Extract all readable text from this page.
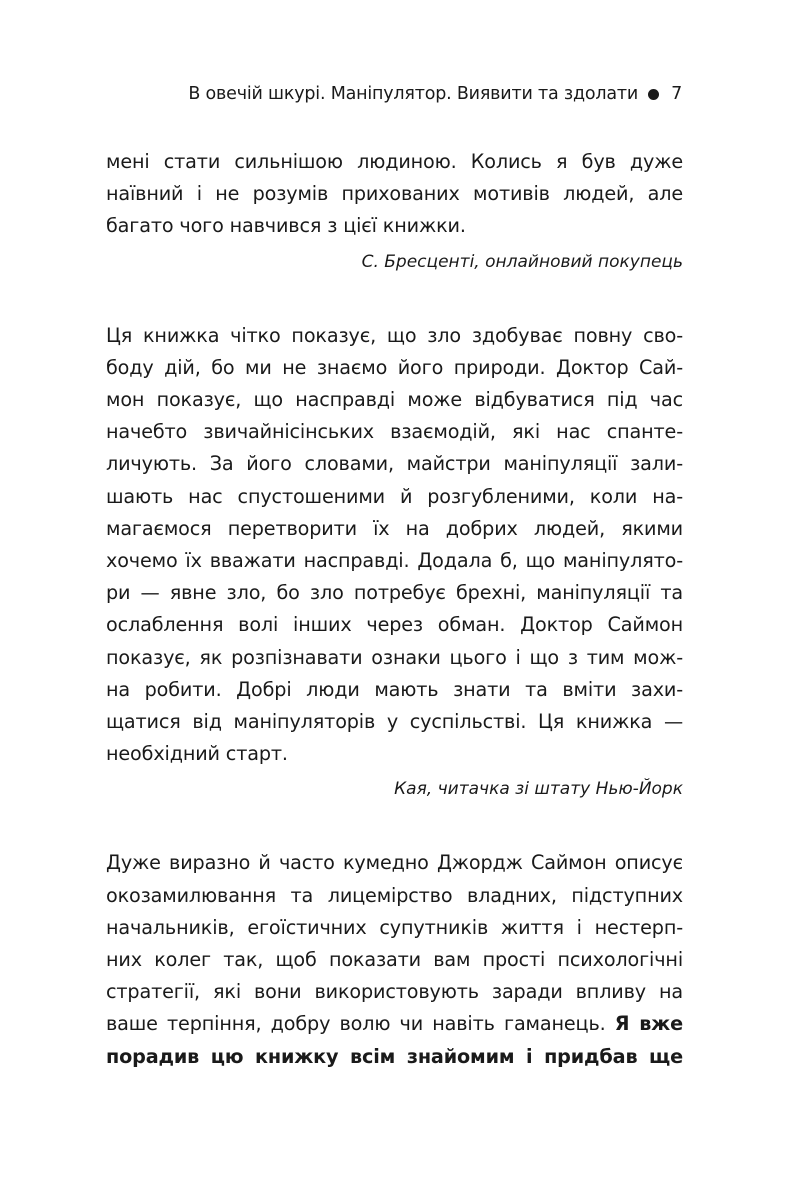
В овечій шкурі. Маніпулятор. Виявити та здолати 7
мені стати сильнішою людиною. Колись я був дуже
наївний і не розумів прихованих мотивів людей, але
багато чого навчився з цієї книжки.
С. Бресценті, онлайновий покупець
Ця книжка чітко показує, що зло здобуває повну сво-
боду дій, бо ми не знаємо його природи. Доктор Сай-
мон показує, що насправді може відбуватися під час
начебто звичайнісінських взаємодій, які нас спанте-
личують. За його словами, майстри маніпуляції зали-
шають нас спустошеними й розгубленими, коли на-
магаємося перетворити їх на добрих людей, якими
хочемо їх вважати насправді. Додала б, що маніпулято-
ри — явне зло, бо зло потребує брехні, маніпуляції та
ослаблення волі інших через обман. Доктор Саймон
показує, як розпізнавати ознаки цього і що з тим мож-
на робити. Добрі люди мають знати та вміти захи-
щатися від маніпуляторів у суспільстві. Ця книжка —
необхідний старт.
Кая, читачка зі штату Нью-Йорк
Дуже виразно й часто кумедно Джордж Саймон описує
окозамилювання та лицемірство владних, підступних
начальників, егоїстичних супутників життя і нестерп-
них колег так, щоб показати вам прості психологічні
стратегії, які вони використовують заради впливу на
ваше терпіння, добру волю чи навіть гаманець. Я вже
порадив цю книжку всім знайомим і придбав ще
